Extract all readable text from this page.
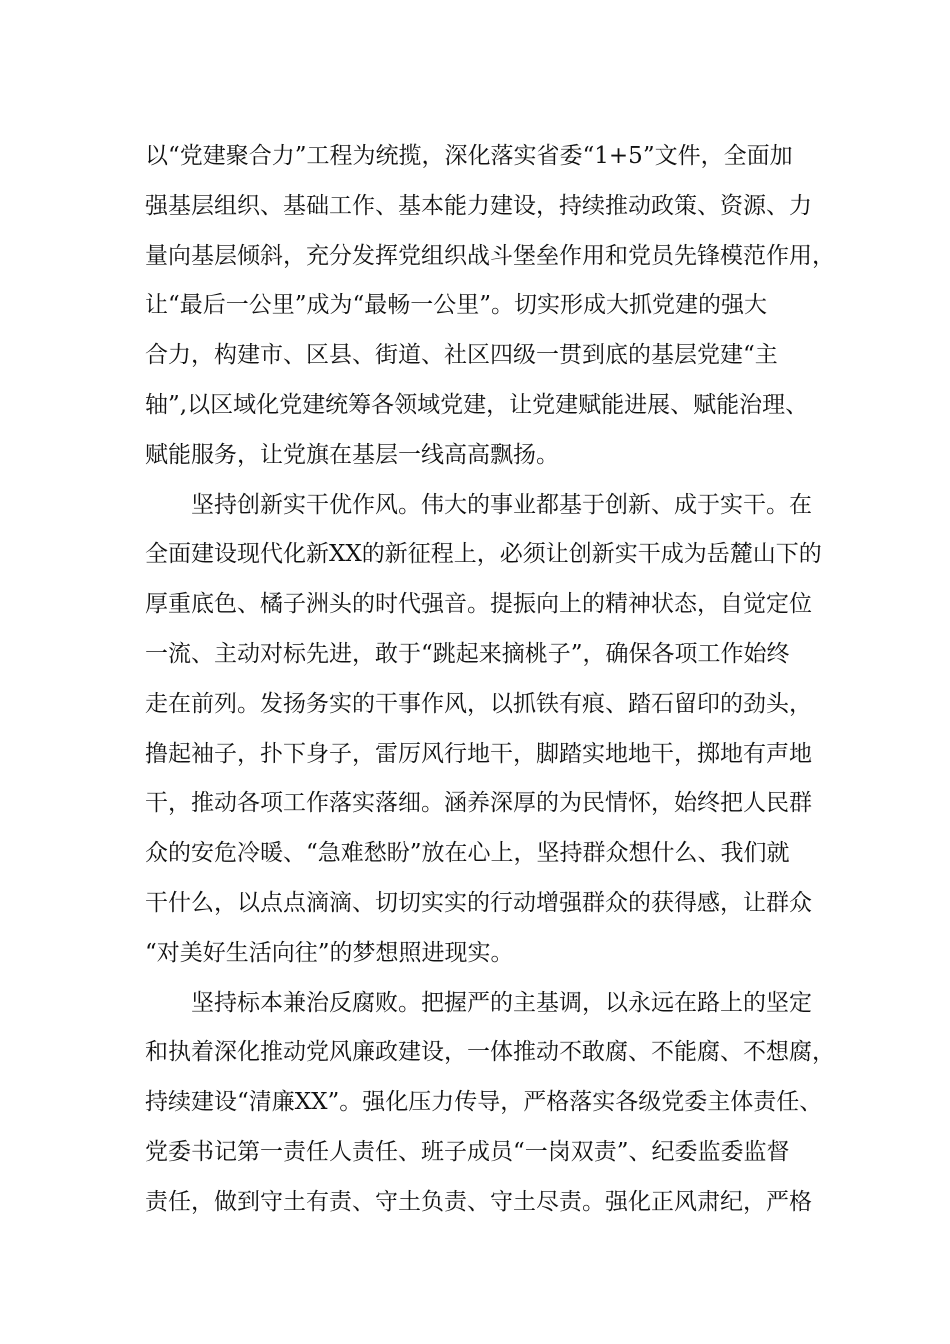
以“党建聚合力”工程为统揽，深化落实省委“1+5”文件，全面加
强基层组织、基础工作、基本能力建设，持续推动政策、资源、力
量向基层倾斜，充分发挥党组织战斗堡垒作用和党员先锋模范作用，
让“最后一公里”成为“最畅一公里”。切实形成大抓党建的强大
合力，构建市、区县、街道、社区四级一贯到底的基层党建“主
轴”,以区域化党建统筹各领域党建，让党建赋能进展、赋能治理、
赋能服务，让党旗在基层一线高高飘扬。
　　坚持创新实干优作风。伟大的事业都基于创新、成于实干。在
全面建设现代化新XX的新征程上，必须让创新实干成为岳麓山下的
厚重底色、橘子洲头的时代强音。提振向上的精神状态，自觉定位
一流、主动对标先进，敢于“跳起来摘桃子”，确保各项工作始终
走在前列。发扬务实的干事作风，以抓铁有痕、踏石留印的劲头，
撸起袖子，扑下身子，雷厉风行地干，脚踏实地地干，掷地有声地
干，推动各项工作落实落细。涵养深厚的为民情怀，始终把人民群
众的安危冷暖、“急难愁盼”放在心上，坚持群众想什么、我们就
干什么，以点点滴滴、切切实实的行动增强群众的获得感，让群众
“对美好生活向往”的梦想照进现实。
　　坚持标本兼治反腐败。把握严的主基调，以永远在路上的坚定
和执着深化推动党风廉政建设，一体推动不敢腐、不能腐、不想腐，
持续建设“清廉XX”。强化压力传导，严格落实各级党委主体责任、
党委书记第一责任人责任、班子成员“一岗双责”、纪委监委监督
责任，做到守土有责、守土负责、守土尽责。强化正风肃纪，严格
